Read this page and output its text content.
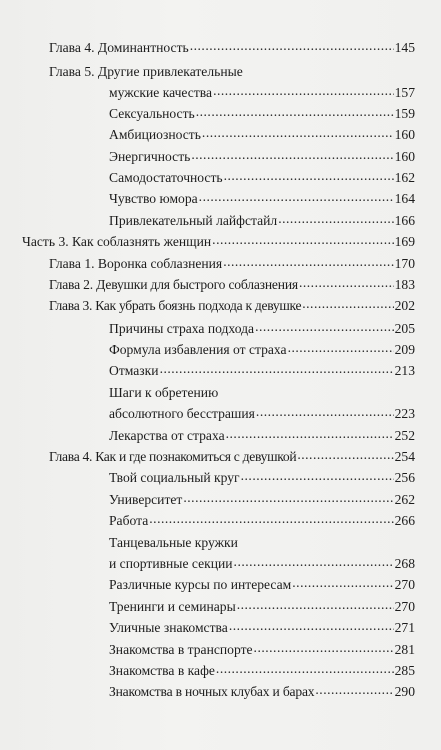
Глава 4. Доминантность .....	145
Глава 5. Другие привлекательные
мужские качества .....	157
Сексуальность .....	159
Амбициозность .....	160
Энергичность .....	160
Самодостаточность .....	162
Чувство юмора .....	164
Привлекательный лайфстайл .....	166
Часть 3. Как соблазнять женщин .....	169
Глава 1. Воронка соблазнения .....	170
Глава 2. Девушки для быстрого соблазнения .....	183
Глава 3. Как убрать боязнь подхода к девушке .....	202
Причины страха подхода .....	205
Формула избавления от страха .....	209
Отмазки .....	213
Шаги к обретению
абсолютного бесстрашия .....	223
Лекарства от страха .....	252
Глава 4. Как и где познакомиться с девушкой .....	254
Твой социальный круг .....	256
Университет .....	262
Работа .....	266
Танцевальные кружки
и спортивные секции .....	268
Различные курсы по интересам .....	270
Тренинги и семинары .....	270
Уличные знакомства .....	271
Знакомства в транспорте .....	281
Знакомства в кафе .....	285
Знакомства в ночных клубах и барах .....	290
